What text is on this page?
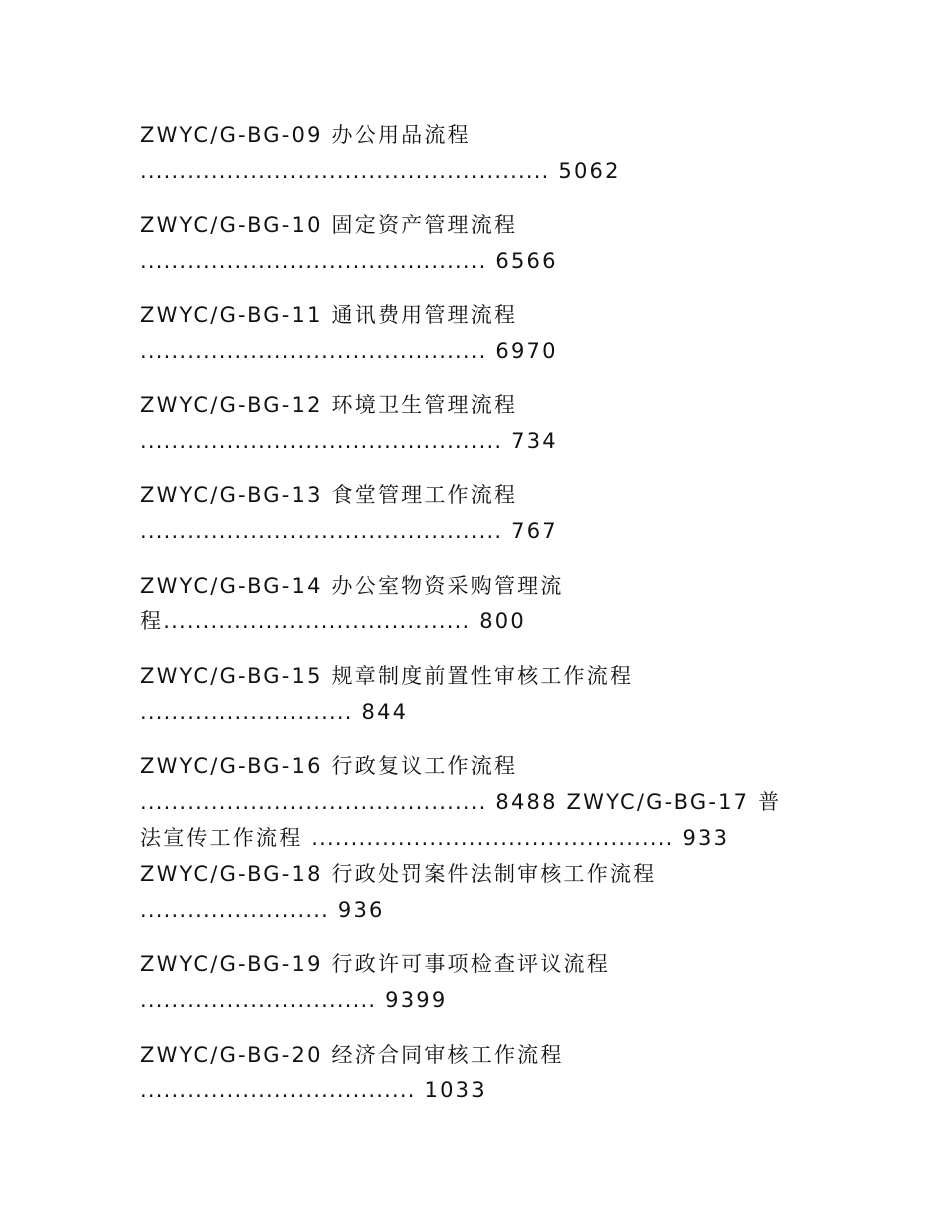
ZWYC/G-BG-09 办公用品流程
.................................................... 5062
ZWYC/G-BG-10 固定资产管理流程
............................................ 6566
ZWYC/G-BG-11 通讯费用管理流程
............................................ 6970
ZWYC/G-BG-12 环境卫生管理流程
.............................................. 734
ZWYC/G-BG-13 食堂管理工作流程
.............................................. 767
ZWYC/G-BG-14 办公室物资采购管理流
程....................................... 800
ZWYC/G-BG-15 规章制度前置性审核工作流程
........................... 844
ZWYC/G-BG-16 行政复议工作流程
............................................ 8488 ZWYC/G-BG-17 普
法宣传工作流程 .............................................. 933
ZWYC/G-BG-18 行政处罚案件法制审核工作流程
........................ 936
ZWYC/G-BG-19 行政许可事项检查评议流程
.............................. 9399
ZWYC/G-BG-20 经济合同审核工作流程
................................... 1033
